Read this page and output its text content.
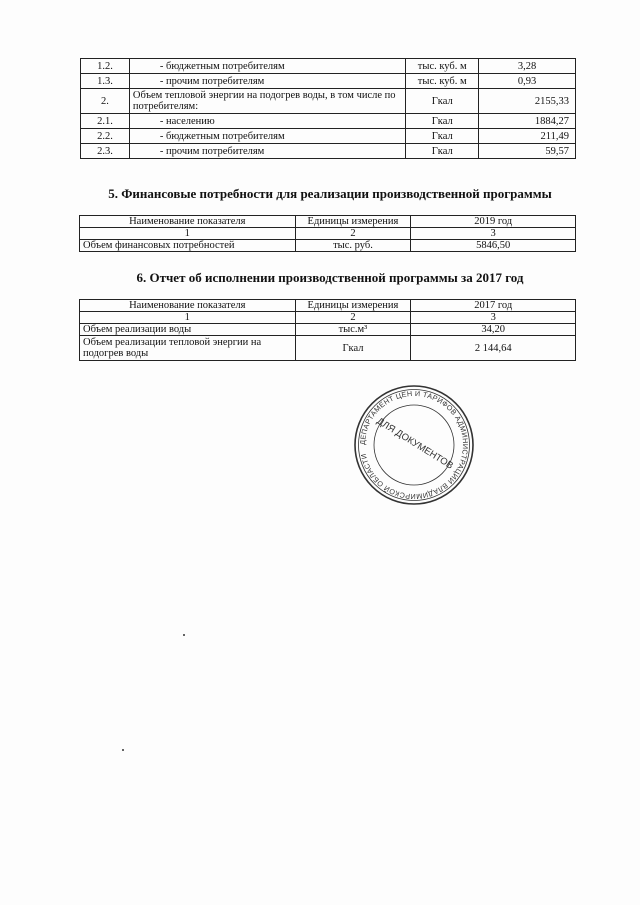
1.2.	- бюджетным потребителям	тыс. куб. м	3,28
1.3.	- прочим потребителям	тыс. куб. м	0,93
2.	Объем тепловой энергии на подогрев воды, в том числе по потребителям:	Гкал	2155,33
2.1.	- населению	Гкал	1884,27
2.2.	- бюджетным потребителям	Гкал	211,49
2.3.	- прочим потребителям	Гкал	59,57
5. Финансовые потребности для реализации производственной программы
Наименование показателя	Единицы измерения	2019 год
1	2	3
Объем финансовых потребностей	тыс. руб.	5846,50
6. Отчет об исполнении производственной программы за 2017 год
Наименование показателя	Единицы измерения	2017 год
1	2	3
Объем реализации воды	тыс.м³	34,20
Объем реализации тепловой энергии на подогрев воды	Гкал	2 144,64
ДЕПАРТАМЕНТ ЦЕН И ТАРИФОВ АДМИНИСТРАЦИИ ВЛАДИМИРСКОЙ ОБЛАСТИ ДЛЯ ДОКУМЕНТОВ
